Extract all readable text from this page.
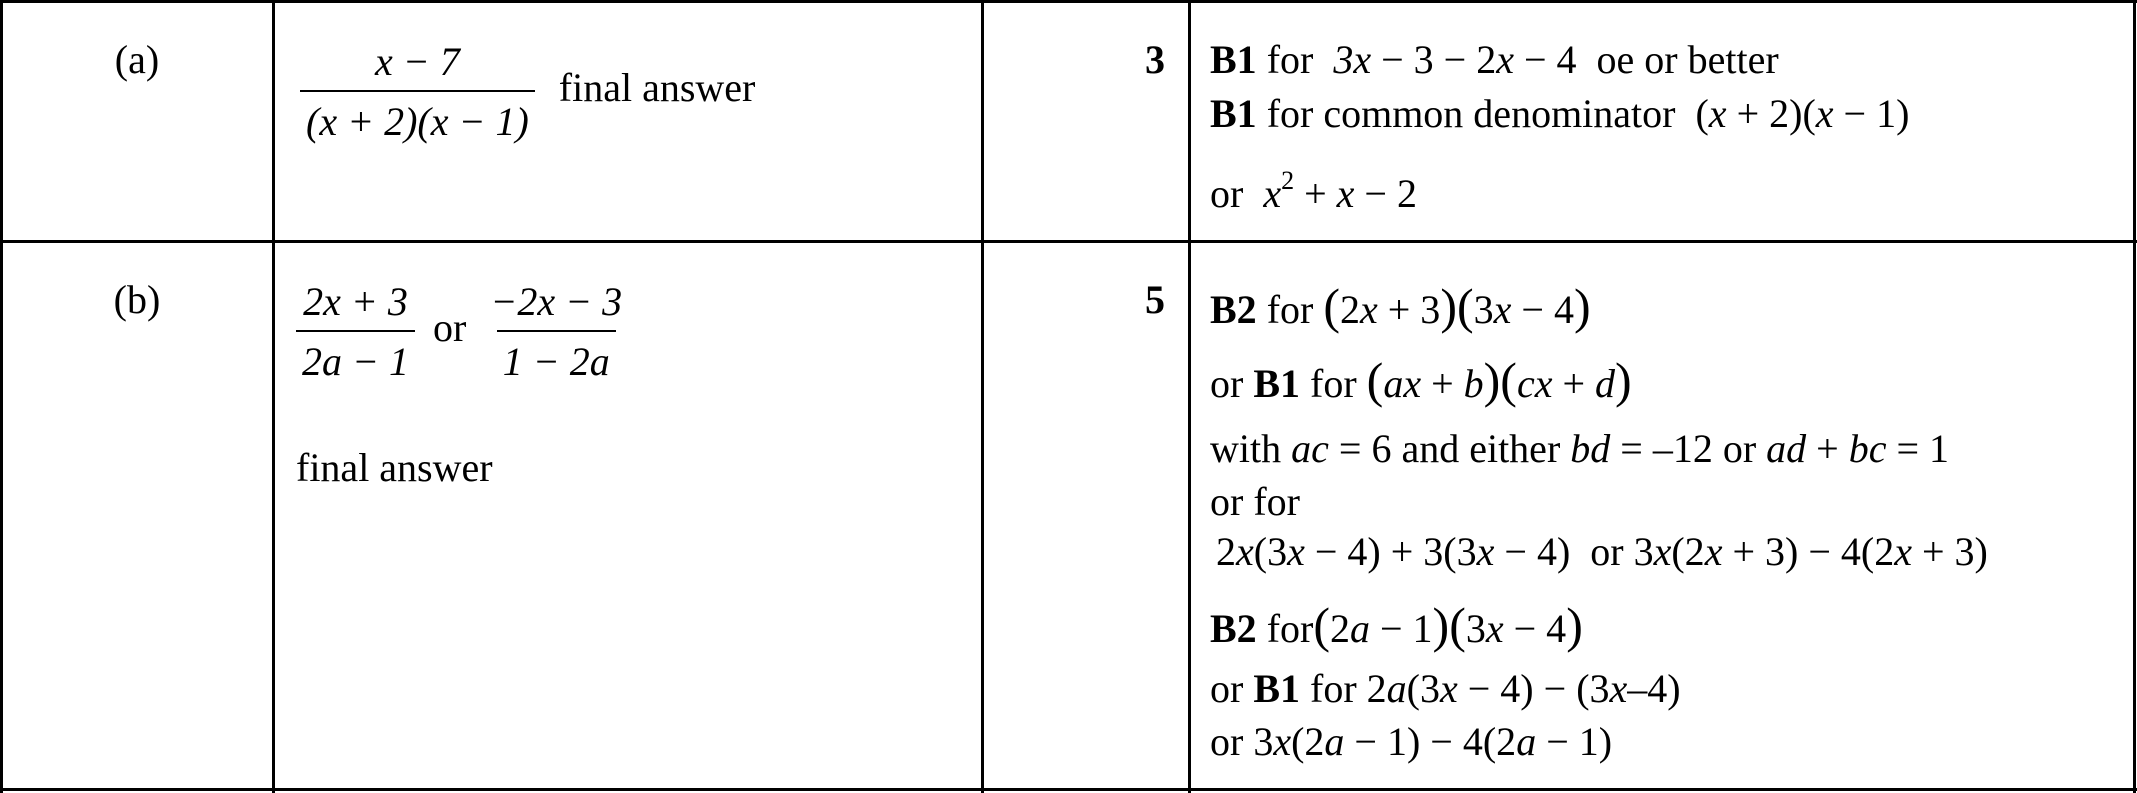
(a)	$\frac{x - 7}{(x + 2)(x - 1)}$ final answer
3 B1 for  3x − 3 − 2x − 4  oe or better
B1 for common denominator  (x + 2)(x − 1)
or  $x^2 + x - 2$
(b)	$\frac{2x + 3}{2a - 1}$ or $\frac{-2x - 3}{1 - 2a}$
final answer
5 B2 for (2x + 3)(3x − 4)
or B1 for (ax + b)(cx + d)
with ac = 6 and either bd = –12 or ad + bc = 1
or for
2x(3x − 4) + 3(3x − 4)  or 3x(2x + 3) − 4(2x + 3)
B2 for(2a − 1)(3x − 4)
or B1 for 2a(3x − 4) − (3x–4)
or 3x(2a − 1) − 4(2a − 1)
